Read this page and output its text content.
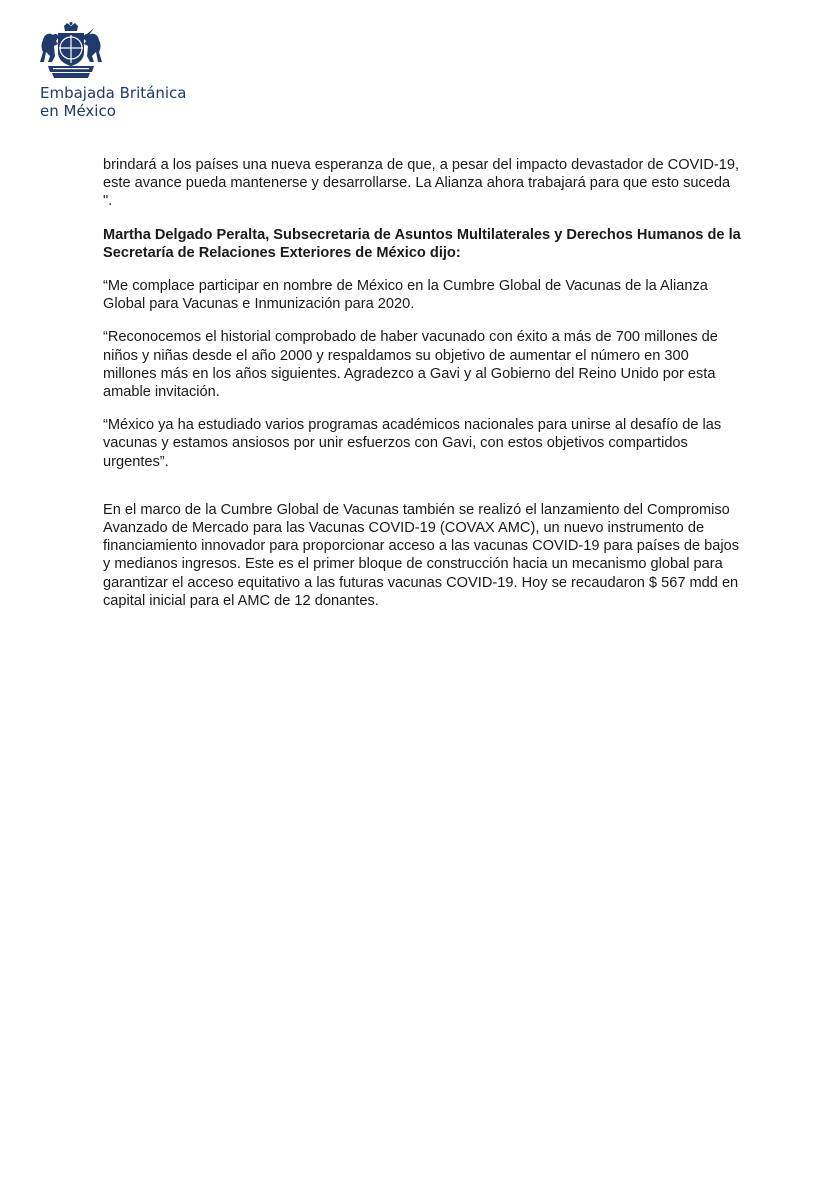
Embajada Británica
en México

brindará a los países una nueva esperanza de que, a pesar del impacto devastador de COVID-19, este avance pueda mantenerse y desarrollarse. La Alianza ahora trabajará para que esto suceda ".

Martha Delgado Peralta, Subsecretaria de Asuntos Multilaterales y Derechos Humanos de la Secretaría de Relaciones Exteriores de México dijo:

“Me complace participar en nombre de México en la Cumbre Global de Vacunas de la Alianza Global para Vacunas e Inmunización para 2020.

“Reconocemos el historial comprobado de haber vacunado con éxito a más de 700 millones de niños y niñas desde el año 2000 y respaldamos su objetivo de aumentar el número en 300 millones más en los años siguientes. Agradezco a Gavi y al Gobierno del Reino Unido por esta amable invitación.

“México ya ha estudiado varios programas académicos nacionales para unirse al desafío de las vacunas y estamos ansiosos por unir esfuerzos con Gavi, con estos objetivos compartidos urgentes”.

En el marco de la Cumbre Global de Vacunas también se realizó el lanzamiento del Compromiso Avanzado de Mercado para las Vacunas COVID-19 (COVAX AMC), un nuevo instrumento de financiamiento innovador para proporcionar acceso a las vacunas COVID-19 para países de bajos y medianos ingresos. Este es el primer bloque de construcción hacia un mecanismo global para garantizar el acceso equitativo a las futuras vacunas COVID-19. Hoy se recaudaron $ 567 mdd en capital inicial para el AMC de 12 donantes.
